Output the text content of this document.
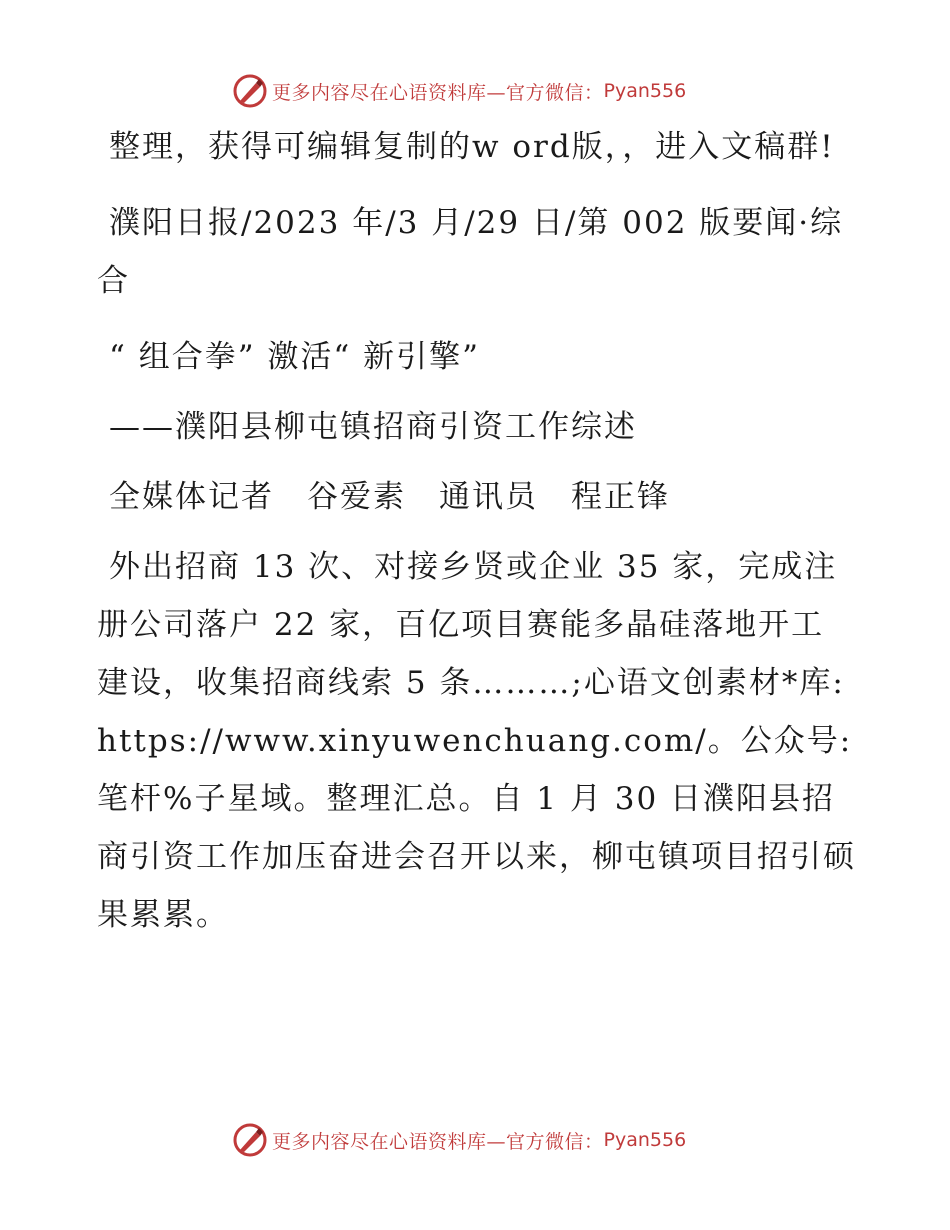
更多内容尽在心语资料库—官方微信： Pyan556

整理，获得可编辑复制的w ord版，，进入文稿群!

濮阳日报/2023 年/3 月/29 日/第 002 版要闻·综合

“ 组合拳” 激活“ 新引擎”

——濮阳县柳屯镇招商引资工作综述

全媒体记者　谷爱素　通讯员　程正锋

外出招商 13 次、对接乡贤或企业 35 家，完成注册公司落户 22 家，百亿项目赛能多晶硅落地开工建设，收集招商线索 5 条………;心语文创素材*库: https://www.xinyuwenchuang.com/。公众号: 笔杆%子星域。整理汇总。自 1 月 30 日濮阳县招商引资工作加压奋进会召开以来，柳屯镇项目招引硕果累累。

更多内容尽在心语资料库—官方微信： Pyan556
